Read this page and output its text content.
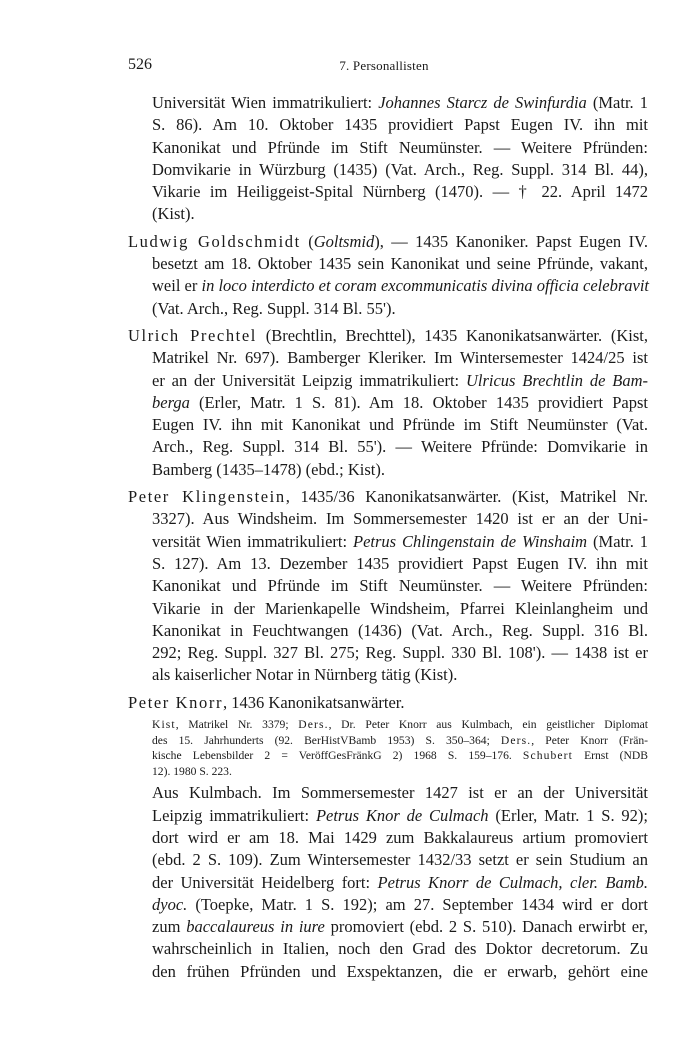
526	7. Personallisten
Universität Wien immatrikuliert: Johannes Starcz de Swinfurdia (Matr. 1
S. 86). Am 10. Oktober 1435 providiert Papst Eugen IV. ihn mit
Kanonikat und Pfründe im Stift Neumünster. — Weitere Pfründen:
Domvikarie in Würzburg (1435) (Vat. Arch., Reg. Suppl. 314 Bl. 44),
Vikarie im Heiliggeist-Spital Nürnberg (1470). — † 22. April 1472
(Kist).
Ludwig Goldschmidt (Goltsmid), — 1435 Kanoniker. Papst Eugen IV.
besetzt am 18. Oktober 1435 sein Kanonikat und seine Pfründe, vakant,
weil er in loco interdicto et coram excommunicatis divina officia celebravit
(Vat. Arch., Reg. Suppl. 314 Bl. 55').
Ulrich Prechtel (Brechtlin, Brechttel), 1435 Kanonikatsanwärter. (Kist,
Matrikel Nr. 697). Bamberger Kleriker. Im Wintersemester 1424/25 ist
er an der Universität Leipzig immatrikuliert: Ulricus Brechtlin de Bam-
berga (Erler, Matr. 1 S. 81). Am 18. Oktober 1435 providiert Papst
Eugen IV. ihn mit Kanonikat und Pfründe im Stift Neumünster (Vat.
Arch., Reg. Suppl. 314 Bl. 55'). — Weitere Pfründe: Domvikarie in
Bamberg (1435–1478) (ebd.; Kist).
Peter Klingenstein, 1435/36 Kanonikatsanwärter. (Kist, Matrikel Nr.
3327). Aus Windsheim. Im Sommersemester 1420 ist er an der Uni-
versität Wien immatrikuliert: Petrus Chlingenstain de Winshaim (Matr. 1
S. 127). Am 13. Dezember 1435 providiert Papst Eugen IV. ihn mit
Kanonikat und Pfründe im Stift Neumünster. — Weitere Pfründen:
Vikarie in der Marienkapelle Windsheim, Pfarrei Kleinlangheim und
Kanonikat in Feuchtwangen (1436) (Vat. Arch., Reg. Suppl. 316 Bl.
292; Reg. Suppl. 327 Bl. 275; Reg. Suppl. 330 Bl. 108'). — 1438 ist er
als kaiserlicher Notar in Nürnberg tätig (Kist).
Peter Knorr, 1436 Kanonikatsanwärter.
Kist, Matrikel Nr. 3379; Ders., Dr. Peter Knorr aus Kulmbach, ein geistlicher Diplomat
des 15. Jahrhunderts (92. BerHistVBamb 1953) S. 350–364; Ders., Peter Knorr (Frän-
kische Lebensbilder 2 = VeröffGesFränkG 2) 1968 S. 159–176. Schubert Ernst (NDB
12). 1980 S. 223.
Aus Kulmbach. Im Sommersemester 1427 ist er an der Universität
Leipzig immatrikuliert: Petrus Knor de Culmach (Erler, Matr. 1 S. 92);
dort wird er am 18. Mai 1429 zum Bakkalaureus artium promoviert
(ebd. 2 S. 109). Zum Wintersemester 1432/33 setzt er sein Studium an
der Universität Heidelberg fort: Petrus Knorr de Culmach, cler. Bamb.
dyoc. (Toepke, Matr. 1 S. 192); am 27. September 1434 wird er dort
zum baccalaureus in iure promoviert (ebd. 2 S. 510). Danach erwirbt er,
wahrscheinlich in Italien, noch den Grad des Doktor decretorum. Zu
den frühen Pfründen und Exspektanzen, die er erwarb, gehört eine
